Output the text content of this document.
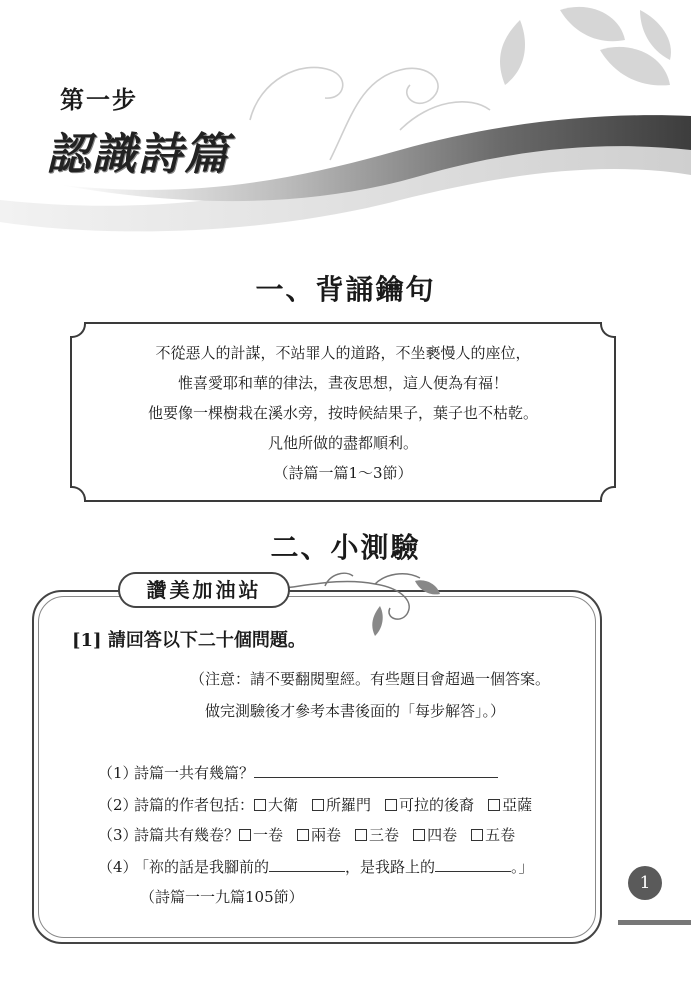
第一步
認識詩篇
一、背誦鑰句
不從惡人的計謀，不站罪人的道路，不坐褻慢人的座位，
惟喜愛耶和華的律法，晝夜思想，這人便為有福！
他要像一棵樹栽在溪水旁，按時候結果子，葉子也不枯乾。
凡他所做的盡都順利。
（詩篇一篇1～3節）
二、小測驗
讚美加油站
[1] 請回答以下二十個問題。
（注意：請不要翻閱聖經。有些題目會超過一個答案。
做完測驗後才參考本書後面的「每步解答」。）
（1）詩篇一共有幾篇？
（2）詩篇的作者包括： 大衛 所羅門 可拉的後裔 亞薩
（3）詩篇共有幾卷？ 一卷 兩卷 三卷 四卷 五卷
（4）「祢的話是我腳前的	，是我路上的	。」
（詩篇一一九篇105節）
1
